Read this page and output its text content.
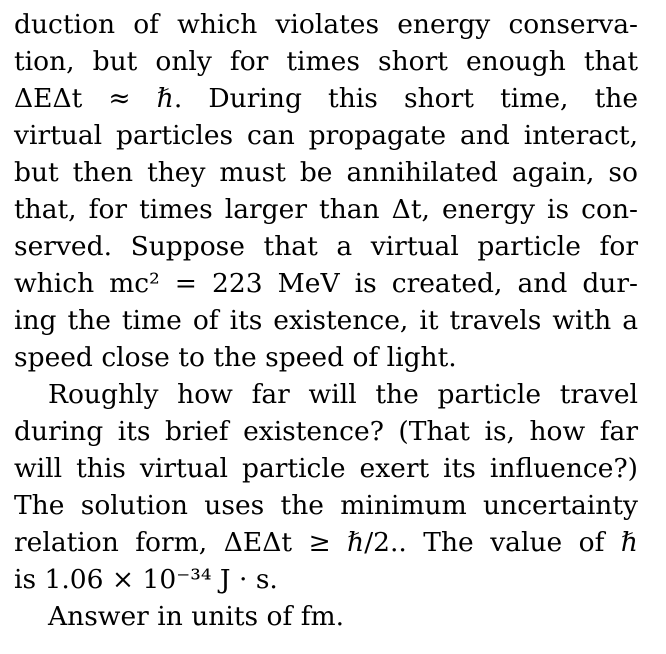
duction of which violates energy conserva-
tion, but only for times short enough that
ΔEΔt ≈ ℏ. During this short time, the
virtual particles can propagate and interact,
but then they must be annihilated again, so
that, for times larger than Δt, energy is con-
served. Suppose that a virtual particle for
which mc² = 223 MeV is created, and dur-
ing the time of its existence, it travels with a
speed close to the speed of light.
Roughly how far will the particle travel
during its brief existence? (That is, how far
will this virtual particle exert its influence?)
The solution uses the minimum uncertainty
relation form, ΔEΔt ≥ ℏ/2.. The value of ℏ
is 1.06 × 10⁻³⁴ J · s.
Answer in units of fm.
